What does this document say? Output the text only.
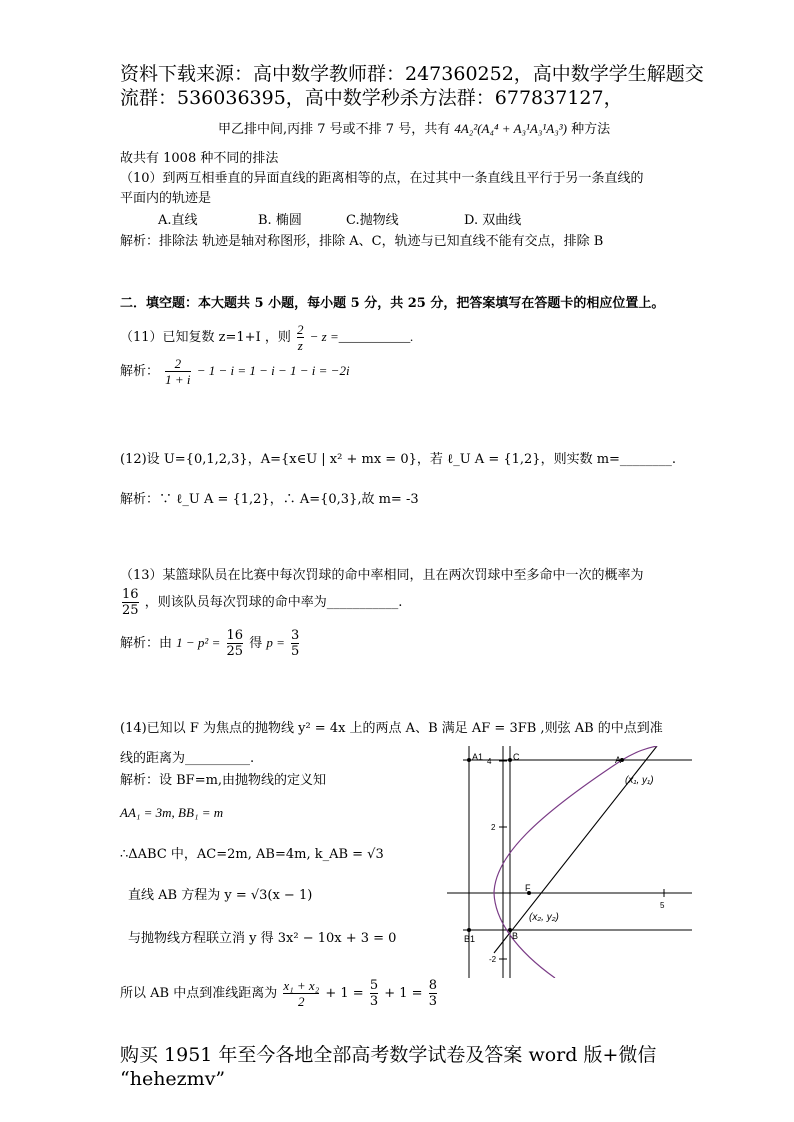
资料下载来源：高中数学教师群：247360252，高中数学学生解题交
流群：536036395，高中数学秒杀方法群：677837127，
甲乙排中间,丙排 7 号或不排 7 号，共有 4A₂²(A₄⁴ + A₃¹A₃¹A₃³) 种方法
故共有 1008 种不同的排法
（10）到两互相垂直的异面直线的距离相等的点，在过其中一条直线且平行于另一条直线的
平面内的轨迹是
A.直线	B. 椭圆	C.抛物线	D. 双曲线
解析：排除法 轨迹是轴对称图形，排除 A、C，轨迹与已知直线不能有交点，排除 B
二．填空题：本大题共 5 小题，每小题 5 分，共 25 分，把答案填写在答题卡的相应位置上。
（11）已知复数 z=1+I ，则 $\frac{2}{z} - z$ =___________.
解析： $\frac{2}{1 + i} - 1 - i = 1 - i - 1 - i = -2i$
(12)设 U={0,1,2,3}，A={x∈U | x² + mx = 0}，若 ℓ_U A = {1,2}，则实数 m=________.
解析：∵ ℓ_U A = {1,2}，∴ A={0,3},故 m= -3
（13）某篮球队员在比赛中每次罚球的命中率相同，且在两次罚球中至多命中一次的概率为
$\frac{16}{25}$ ，则该队员每次罚球的命中率为___________.
解析：由 $1 - p^2 = \frac{16}{25}$ 得 $p = \frac{3}{5}$
(14)已知以 F 为焦点的抛物线 y² = 4x 上的两点 A、B 满足 AF = 3FB ,则弦 AB 的中点到准
线的距离为__________.
解析：设 BF=m,由抛物线的定义知
AA₁ = 3m, BB₁ = m
∴ΔABC 中，AC=2m, AB=4m, k_AB = √3
直线 AB 方程为 y = √3(x − 1)
与抛物线方程联立消 y 得 3x² − 10x + 3 = 0
所以 AB 中点到准线距离为 $\frac{\text{x₁ + x₂}}{2} + 1 = \frac{5}{3} + 1 = \frac{8}{3}$
A1	C	A
(x₁, y₁)
F
(x₂, y₂)
B1	B
4
2
-2
5
购买 1951 年至今各地全部高考数学试卷及答案 word 版+微信
“hehezmv”
